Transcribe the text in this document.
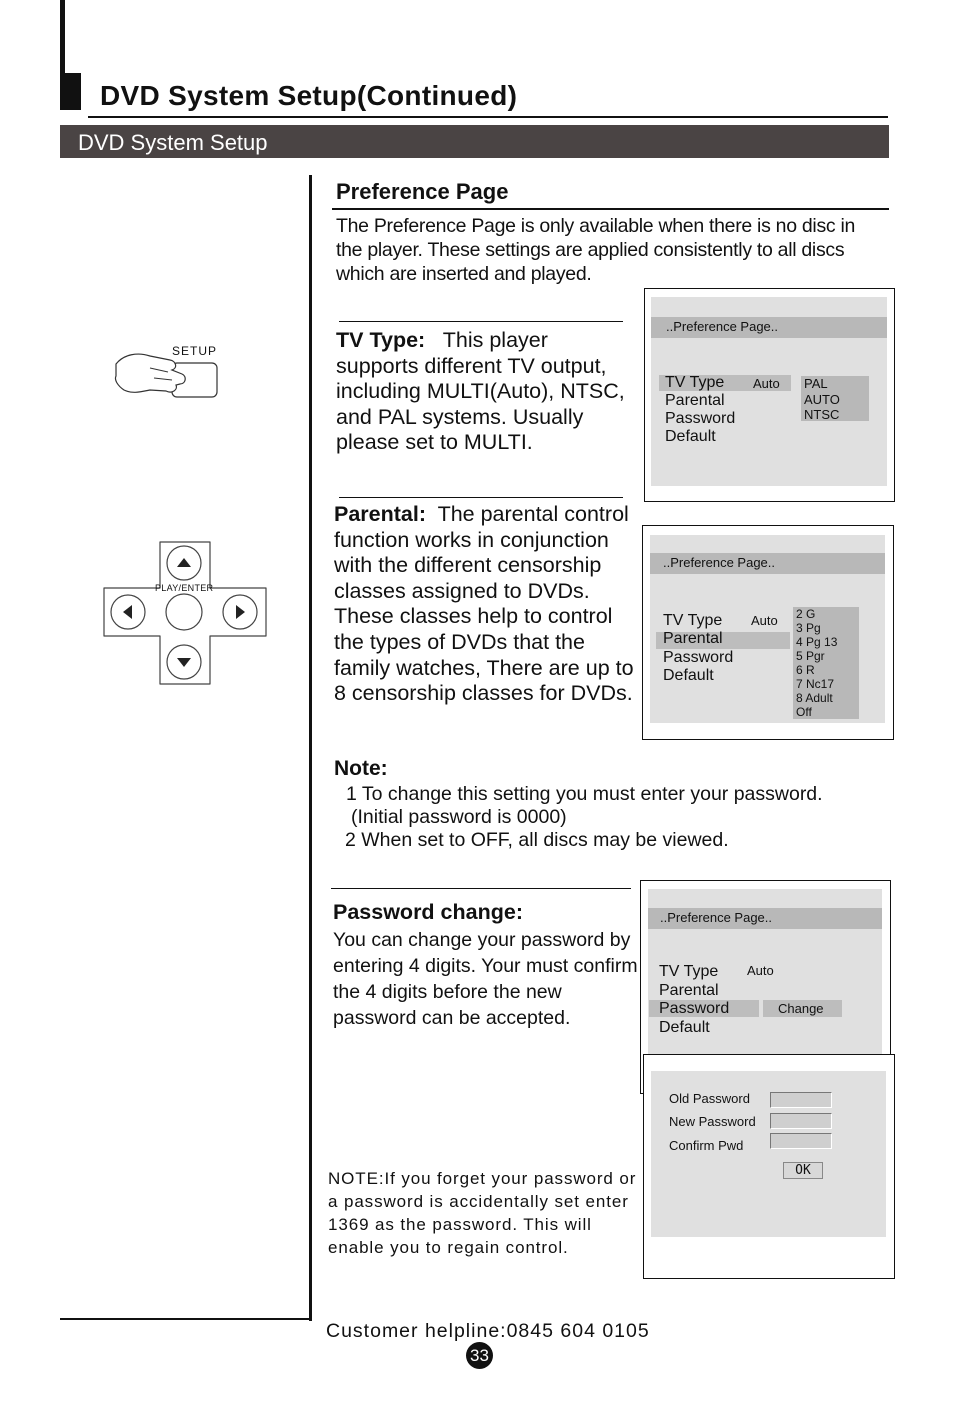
DVD System Setup(Continued)
DVD System Setup
SETUP
PLAY/ENTER
Preference Page
The Preference Page is only available when there is no disc in the player. These settings are applied consistently to all discs which are inserted and played.
TV Type: This player supports different TV output, including MULTI(Auto), NTSC, and PAL systems. Usually please set to MULTI.
..Preference Page..
TV Type
Parental
Password
Default
Auto PAL
AUTO
NTSC
Parental: The parental control function works in conjunction with the different censorship classes assigned to DVDs. These classes help to control the types of DVDs that the family watches, There are up to 8 censorship classes for DVDs.
..Preference Page..
Auto
TV Type
Parental
Password
Default
2 G
3 Pg
4 Pg 13
5 Pgr
6 R
7 Nc17
8 Adult
Off
Note:
1 To change this setting you must enter your password.
(Initial password is 0000)
2 When set to OFF, all discs may be viewed.
Password change:
You can change your password by entering 4 digits. Your must confirm the 4 digits before the new password can be accepted.
..Preference Page..
Auto
TV Type
Parental
Password
Default
Change
Old Password
New Password
Confirm Pwd
OK
NOTE:If you forget your password or a password is accidentally set enter 1369 as the password. This will enable you to regain control.
Customer helpline:0845 604 0105
33
